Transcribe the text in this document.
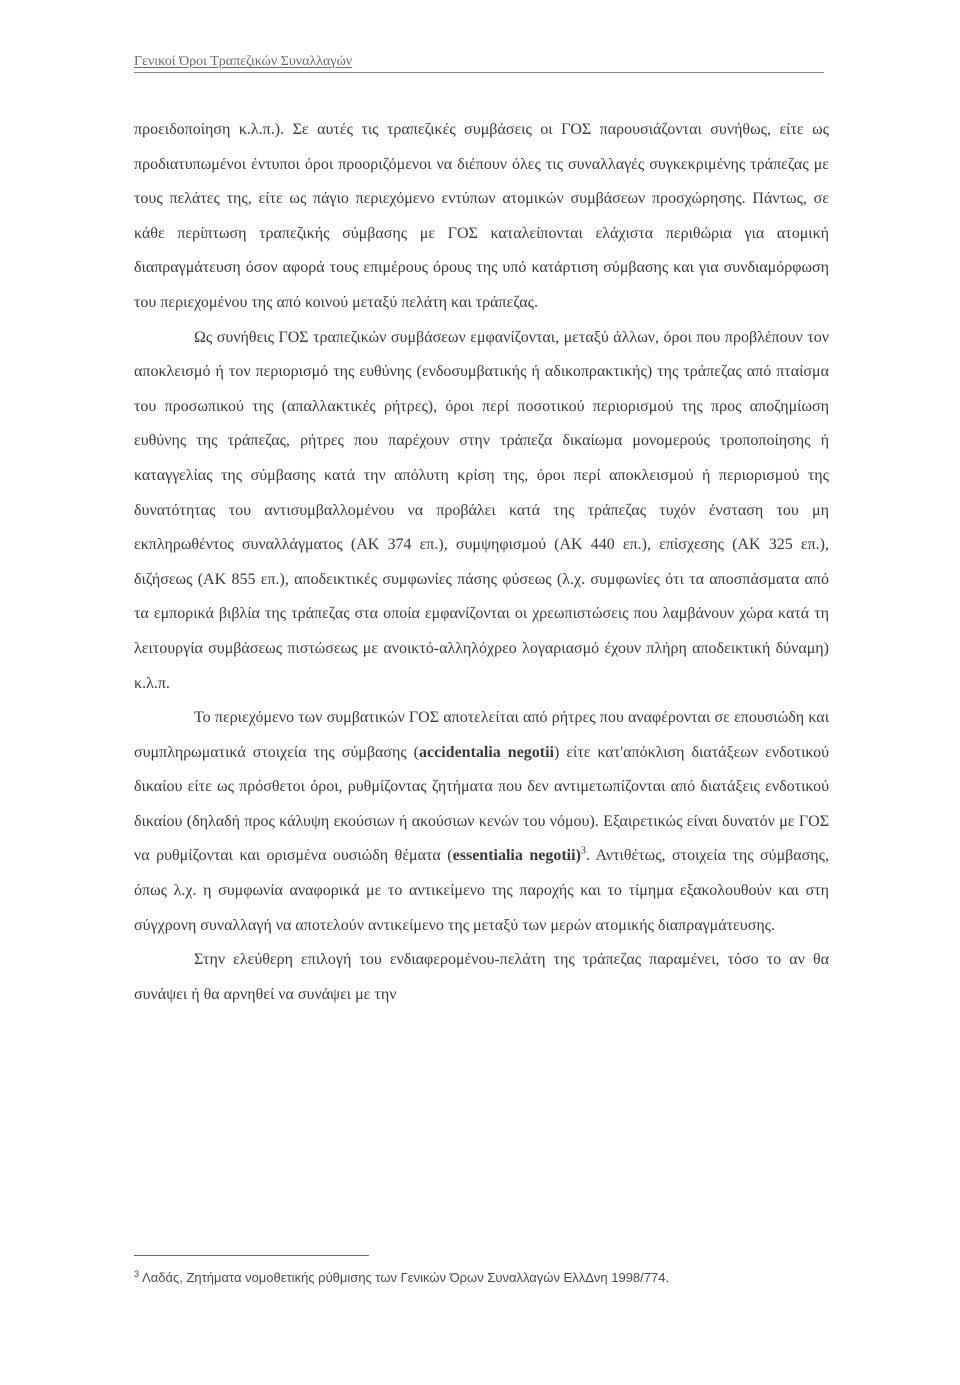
Γενικοί Όροι Τραπεζικών Συναλλαγών

προειδοποίηση κ.λ.π.). Σε αυτές τις τραπεζικές συμβάσεις οι ΓΟΣ παρουσιάζονται συνήθως, είτε ως προδιατυπωμένοι έντυποι όροι προοριζόμενοι να διέπουν όλες τις συναλλαγές συγκεκριμένης τράπεζας με τους πελάτες της, είτε ως πάγιο περιεχόμενο εντύπων ατομικών συμβάσεων προσχώρησης. Πάντως, σε κάθε περίπτωση τραπεζικής σύμβασης με ΓΟΣ καταλείπονται ελάχιστα περιθώρια για ατομική διαπραγμάτευση όσον αφορά τους επιμέρους όρους της υπό κατάρτιση σύμβασης και για συνδιαμόρφωση του περιεχομένου της από κοινού μεταξύ πελάτη και τράπεζας.

Ως συνήθεις ΓΟΣ τραπεζικών συμβάσεων εμφανίζονται, μεταξύ άλλων, όροι που προβλέπουν τον αποκλεισμό ή τον περιορισμό της ευθύνης (ενδοσυμβατικής ή αδικοπρακτικής) της τράπεζας από πταίσμα του προσωπικού της (απαλλακτικές ρήτρες), όροι περί ποσοτικού περιορισμού της προς αποζημίωση ευθύνης της τράπεζας, ρήτρες που παρέχουν στην τράπεζα δικαίωμα μονομερούς τροποποίησης ή καταγγελίας της σύμβασης κατά την απόλυτη κρίση της, όροι περί αποκλεισμού ή περιορισμού της δυνατότητας του αντισυμβαλλομένου να προβάλει κατά της τράπεζας τυχόν ένσταση του μη εκπληρωθέντος συναλλάγματος (ΑΚ 374 επ.), συμψηφισμού (ΑΚ 440 επ.), επίσχεσης (ΑΚ 325 επ.), διζήσεως (ΑΚ 855 επ.), αποδεικτικές συμφωνίες πάσης φύσεως (λ.χ. συμφωνίες ότι τα αποσπάσματα από τα εμπορικά βιβλία της τράπεζας στα οποία εμφανίζονται οι χρεωπιστώσεις που λαμβάνουν χώρα κατά τη λειτουργία συμβάσεως πιστώσεως με ανοικτό-αλληλόχρεο λογαριασμό έχουν πλήρη αποδεικτική δύναμη) κ.λ.π.

Το περιεχόμενο των συμβατικών ΓΟΣ αποτελείται από ρήτρες που αναφέρονται σε επουσιώδη και συμπληρωματικά στοιχεία της σύμβασης (accidentalia negotii) είτε κατ'απόκλιση διατάξεων ενδοτικού δικαίου είτε ως πρόσθετοι όροι, ρυθμίζοντας ζητήματα που δεν αντιμετωπίζονται από διατάξεις ενδοτικού δικαίου (δηλαδή προς κάλυψη εκούσιων ή ακούσιων κενών του νόμου). Εξαιρετικώς είναι δυνατόν με ΓΟΣ να ρυθμίζονται και ορισμένα ουσιώδη θέματα (essentialia negotii)$^3$. Αντιθέτως, στοιχεία της σύμβασης, όπως λ.χ. η συμφωνία αναφορικά με το αντικείμενο της παροχής και το τίμημα εξακολουθούν και στη σύγχρονη συναλλαγή να αποτελούν αντικείμενο της μεταξύ των μερών ατομικής διαπραγμάτευσης.

Στην ελεύθερη επιλογή του ενδιαφερομένου-πελάτη της τράπεζας παραμένει, τόσο το αν θα συνάψει ή θα αρνηθεί να συνάψει με την

$^3$ Λαδάς, Ζητήματα νομοθετικής ρύθμισης των Γενικών Όρων Συναλλαγών ΕλλΔνη 1998/774.
